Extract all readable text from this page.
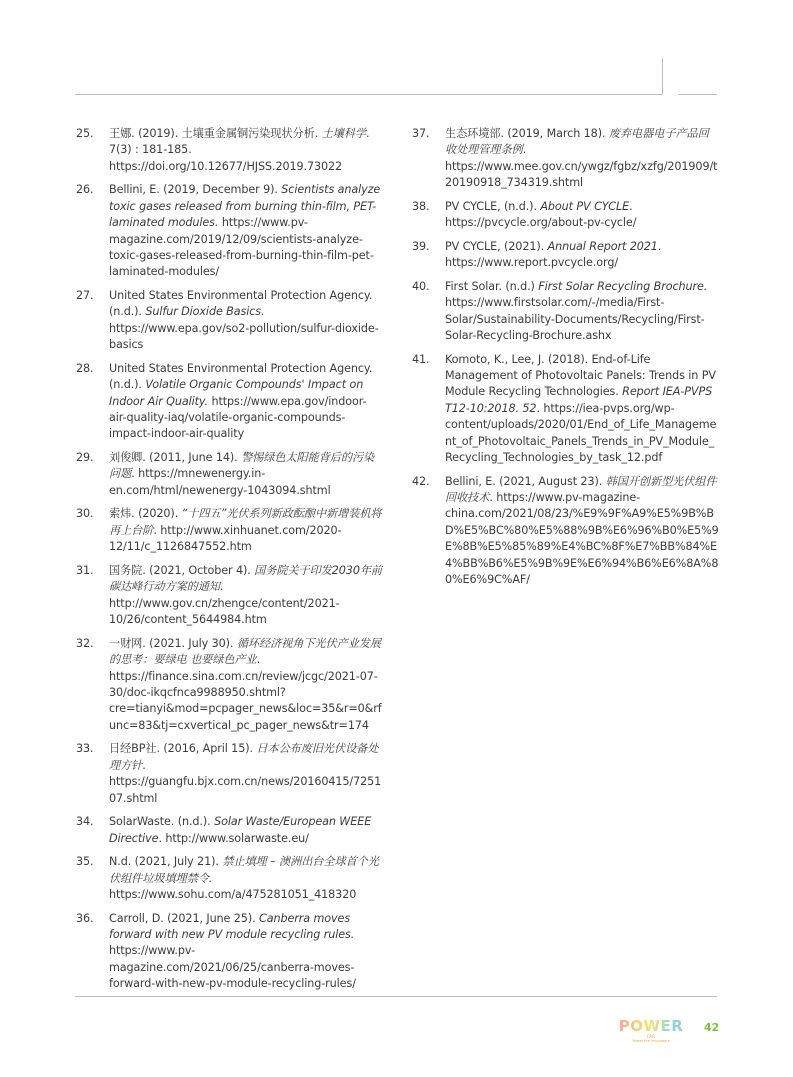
25.	王娜. (2019). 土壤重金属铜污染现状分析. 土壤科学. 7(3) : 181-185. https://doi.org/10.12677/HJSS.2019.73022
26.	Bellini, E. (2019, December 9). Scientists analyze toxic gases released from burning thin-film, PET-laminated modules. https://www.pv-magazine.com/2019/12/09/scientists-analyze-toxic-gases-released-from-burning-thin-film-pet-laminated-modules/
27.	United States Environmental Protection Agency. (n.d.). Sulfur Dioxide Basics. https://www.epa.gov/so2-pollution/sulfur-dioxide-basics
28.	United States Environmental Protection Agency. (n.d.). Volatile Organic Compounds' Impact on Indoor Air Quality. https://www.epa.gov/indoor-air-quality-iaq/volatile-organic-compounds-impact-indoor-air-quality
29.	刘俊卿. (2011, June 14). 警惕绿色太阳能背后的污染问题. https://mnewenergy.in-en.com/html/newenergy-1043094.shtml
30.	索炜. (2020). “十四五”光伏系列新政酝酿中新增装机将再上台阶. http://www.xinhuanet.com/2020-12/11/c_1126847552.htm
31.	国务院. (2021, October 4). 国务院关于印发2030年前碳达峰行动方案的通知. http://www.gov.cn/zhengce/content/2021-10/26/content_5644984.htm
32.	一财网. (2021. July 30). 循环经济视角下光伏产业发展的思考：要绿电 也要绿色产业. https://finance.sina.com.cn/review/jcgc/2021-07-30/doc-ikqcfnca9988950.shtml?cre=tianyi&mod=pcpager_news&loc=35&r=0&rfunc=83&tj=cxvertical_pc_pager_news&tr=174
33.	日经BP社. (2016, April 15). 日本公布废旧光伏设备处理方针. https://guangfu.bjx.com.cn/news/20160415/725107.shtml
34.	SolarWaste. (n.d.). Solar Waste/European WEEE Directive. http://www.solarwaste.eu/
35.	N.d. (2021, July 21). 禁止填埋 – 澳洲出台全球首个光伏组件垃圾填埋禁令. https://www.sohu.com/a/475281051_418320
36.	Carroll, D. (2021, June 25). Canberra moves forward with new PV module recycling rules. https://www.pv-magazine.com/2021/06/25/canberra-moves-forward-with-new-pv-module-recycling-rules/
37.	生态环境部. (2019, March 18). 废弃电器电子产品回收处理管理条例. https://www.mee.gov.cn/ywgz/fgbz/xzfg/201909/t20190918_734319.shtml
38.	PV CYCLE, (n.d.). About PV CYCLE. https://pvcycle.org/about-pv-cycle/
39.	PV CYCLE, (2021). Annual Report 2021. https://www.report.pvcycle.org/
40.	First Solar. (n.d.) First Solar Recycling Brochure. https://www.firstsolar.com/-/media/First-Solar/Sustainability-Documents/Recycling/First-Solar-Recycling-Brochure.ashx
41.	Komoto, K., Lee, J. (2018). End-of-Life Management of Photovoltaic Panels: Trends in PV Module Recycling Technologies. Report IEA-PVPS T12-10:2018. 52. https://iea-pvps.org/wp-content/uploads/2020/01/End_of_Life_Management_of_Photovoltaic_Panels_Trends_in_PV_Module_Recycling_Technologies_by_task_12.pdf
42.	Bellini, E. (2021, August 23). 韩国开创新型光伏组件回收技术. https://www.pv-magazine-china.com/2021/08/23/%E9%9F%A9%E5%9B%BD%E5%BC%80%E5%88%9B%E6%96%B0%E5%9E%8B%E5%85%89%E4%BC%8F%E7%BB%84%E4%BB%B6%E5%9B%9E%E6%94%B6%E6%8A%80%E6%9C%AF/
POWER
LAB
Power the innovators
42
